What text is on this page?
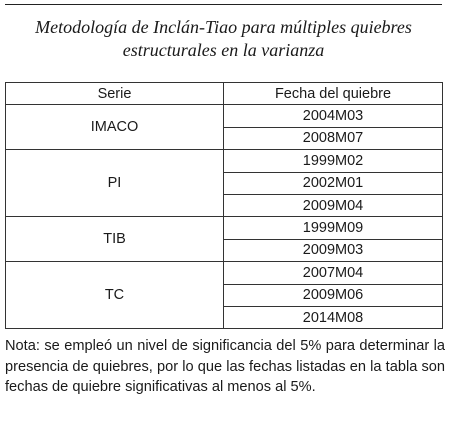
Metodología de Inclán-Tiao para múltiples quiebres
estructurales en la varianza
Serie	Fecha del quiebre
IMACO	2004M03
	2008M07
PI	1999M02
	2002M01
	2009M04
TIB	1999M09
	2009M03
TC	2007M04
	2009M06
	2014M08
Nota: se empleó un nivel de significancia del 5% para determinar la presencia de quiebres, por lo que las fechas listadas en la tabla son fechas de quiebre significativas al menos al 5%.
